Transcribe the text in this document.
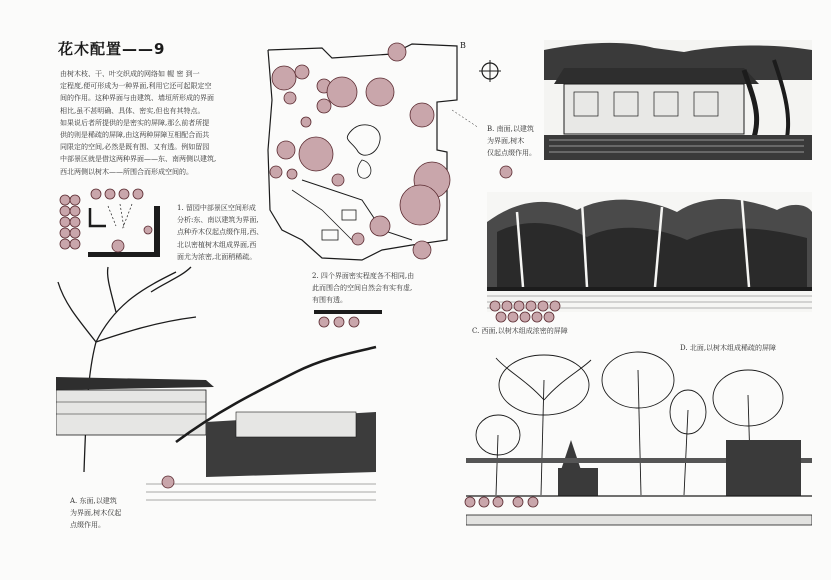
花木配置——9
由树木枝、干、叶交织成的网络如 幄 密 到一
定程度,便可形成为一种界面,利用它还可起限定空
间的作用。这种界面与由建筑、墙垣所形成的界面
相比,虽不甚明确、具体、密实,但也有其特点。
如果说后者所提供的是密实的屏障,那么前者所提
供的则是稀疏的屏障,由这两种屏障互相配合而共
同限定的空间,必然是既有围、又有透。例如留园
中部景区就是借这两种界面——东、南两侧以建筑,
西北两侧以树木——所围合而形成空间的。
1. 留园中部景区空间形成
分析:东、南以建筑为界面,
点种乔木仅起点缀作用,西、
北以密植树木组成界面,西
面尤为浓密,北面稍稀疏。
2. 四个界面密实程度各不相同,由
此而围合的空间自然会有实有虚,
有围有透。
B. 南面,以建筑
为界面,树木
仅起点缀作用。
C. 西面,以树木组成浓密的屏障
D. 北面,以树木组成稀疏的屏障
A. 东面,以建筑
为界面,树木仅起
点缀作用。
B
